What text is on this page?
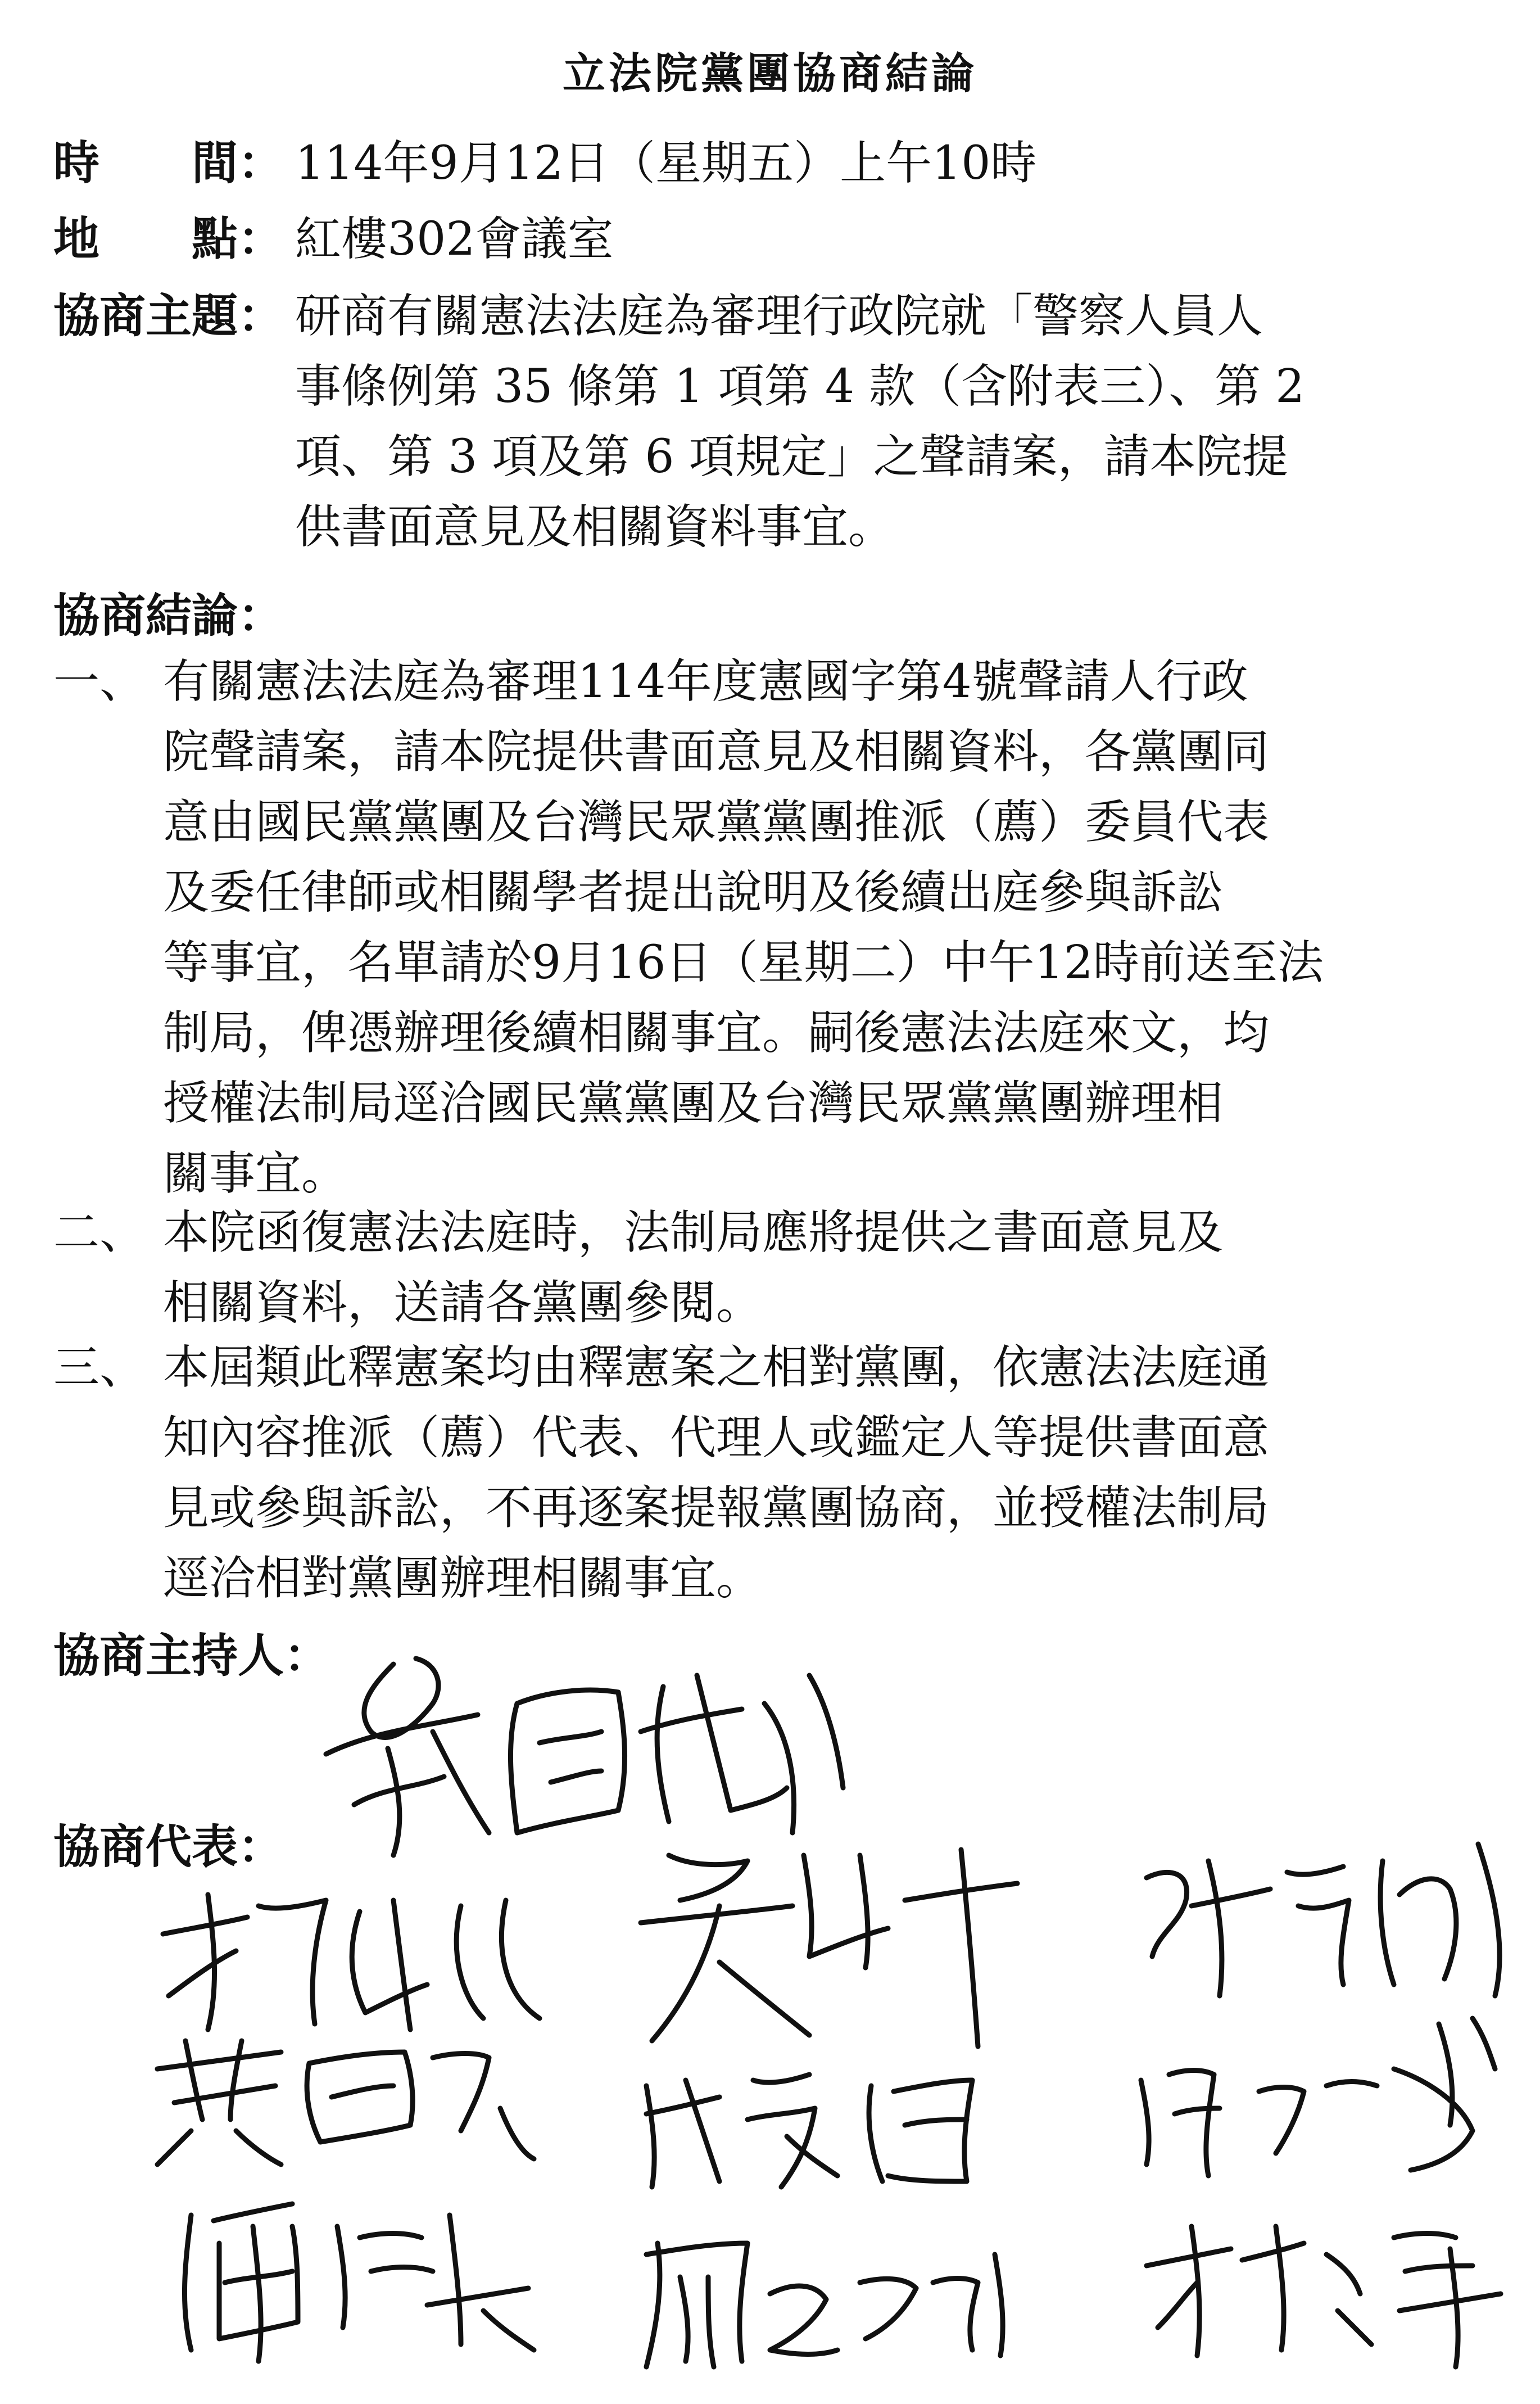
立法院黨團協商結論
時　　間： 114年9月12日（星期五）上午10時
地　　點： 紅樓302會議室
協商主題： 研商有關憲法法庭為審理行政院就「警察人員人
事條例第 35 條第 1 項第 4 款（含附表三）、第 2
項、第 3 項及第 6 項規定」之聲請案，請本院提
供書面意見及相關資料事宜。
協商結論：
一、 有關憲法法庭為審理114年度憲國字第4號聲請人行政
院聲請案，請本院提供書面意見及相關資料，各黨團同
意由國民黨黨團及台灣民眾黨黨團推派（薦）委員代表
及委任律師或相關學者提出說明及後續出庭參與訴訟
等事宜，名單請於9月16日（星期二）中午12時前送至法
制局，俾憑辦理後續相關事宜。嗣後憲法法庭來文，均
授權法制局逕洽國民黨黨團及台灣民眾黨黨團辦理相
關事宜。
二、 本院函復憲法法庭時，法制局應將提供之書面意見及
相關資料，送請各黨團參閱。
三、 本屆類此釋憲案均由釋憲案之相對黨團，依憲法法庭通
知內容推派（薦）代表、代理人或鑑定人等提供書面意
見或參與訴訟，不再逐案提報黨團協商，並授權法制局
逕洽相對黨團辦理相關事宜。
協商主持人：
協商代表：
